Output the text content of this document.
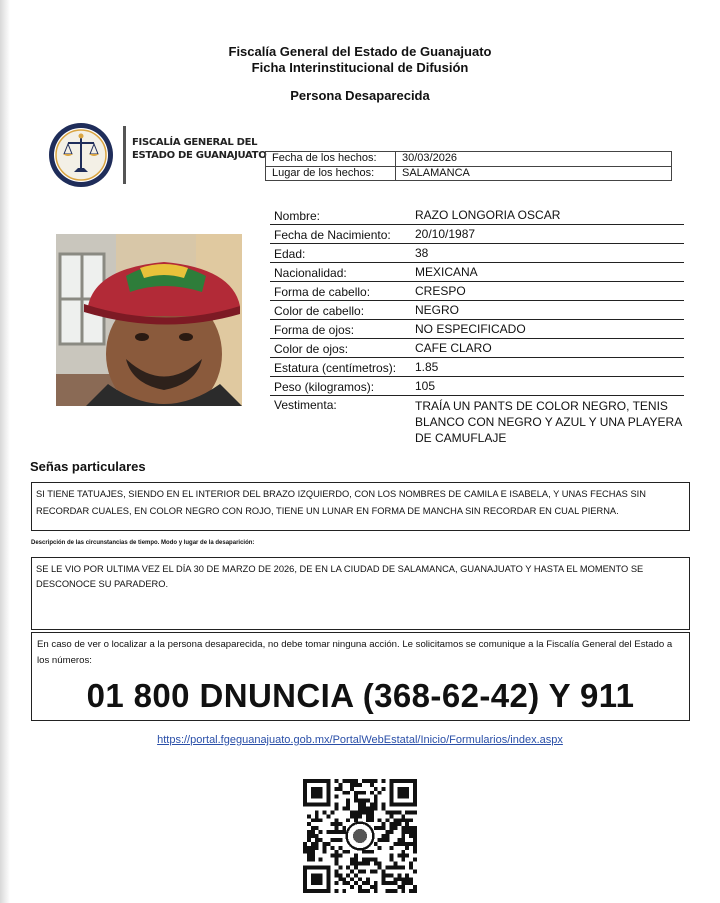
Fiscalía General del Estado de Guanajuato
Ficha Interinstitucional de Difusión
Persona Desaparecida
FISCALÍA GENERAL DEL
ESTADO DE GUANAJUATO Fecha de los hechos:	30/03/2026
Lugar de los hechos:	SALAMANCA
Nombre:	RAZO LONGORIA OSCAR
Fecha de Nacimiento:	20/10/1987
Edad:	38
Nacionalidad:	MEXICANA
Forma de cabello:	CRESPO
Color de cabello:	NEGRO
Forma de ojos:	NO ESPECIFICADO
Color de ojos:	CAFE CLARO
Estatura (centímetros):	1.85
Peso (kilogramos):	105
Vestimenta:	TRAÍA UN PANTS DE COLOR NEGRO, TENIS BLANCO CON NEGRO Y AZUL Y UNA PLAYERA DE CAMUFLAJE
Señas particulares
SI TIENE TATUAJES, SIENDO EN EL INTERIOR DEL BRAZO IZQUIERDO, CON LOS NOMBRES DE CAMILA E ISABELA, Y UNAS FECHAS SIN RECORDAR CUALES, EN COLOR NEGRO CON ROJO, TIENE UN LUNAR EN FORMA DE MANCHA SIN RECORDAR EN CUAL PIERNA.
Descripción de las circunstancias de tiempo. Modo y lugar de la desaparición:
SE LE VIO POR ULTIMA VEZ EL DÍA 30 DE MARZO DE 2026, DE EN LA CIUDAD DE SALAMANCA, GUANAJUATO Y HASTA EL MOMENTO SE DESCONOCE SU PARADERO.
En caso de ver o localizar a la persona desaparecida, no debe tomar ninguna acción. Le solicitamos se comunique a la Fiscalía General del Estado a los números:
01 800 DNUNCIA (368-62-42) Y 911
https://portal.fgeguanajuato.gob.mx/PortalWebEstatal/Inicio/Formularios/index.aspx
